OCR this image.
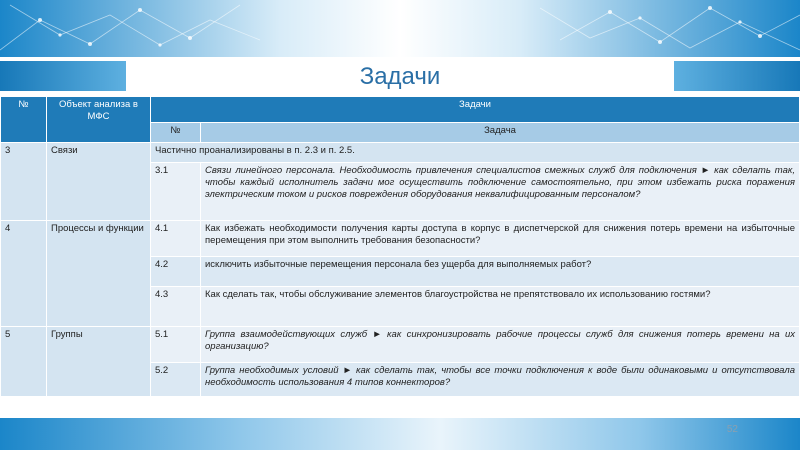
Задачи
№	Объект анализа в МФС	Задачи	
		№	Задача
3	Связи	Частично проанализированы в п. 2.3 и п. 2.5.	
		3.1	Связи линейного персонала. Необходимость привлечения специалистов смежных служб для подключения ► как сделать так, чтобы каждый исполнитель задачи мог осуществить подключение самостоятельно, при этом избежать риска поражения электрическим током и рисков повреждения оборудования неквалифицированным персоналом?
4	Процессы и функции	4.1	Как избежать необходимости получения карты доступа в корпус в диспетчерской для снижения потерь времени на избыточные перемещения при этом выполнить требования безопасности?
		4.2	исключить избыточные перемещения персонала без ущерба для выполняемых работ?
		4.3	Как сделать так, чтобы обслуживание элементов благоустройства не препятствовало их использованию гостями?
5	Группы	5.1	Группа взаимодействующих служб ► как синхронизировать рабочие процессы служб для снижения потерь времени на их организацию?
		5.2	Группа необходимых условий ► как сделать так, чтобы все точки подключения к воде были одинаковыми и отсутствовала необходимость использования 4 типов коннекторов?
52
